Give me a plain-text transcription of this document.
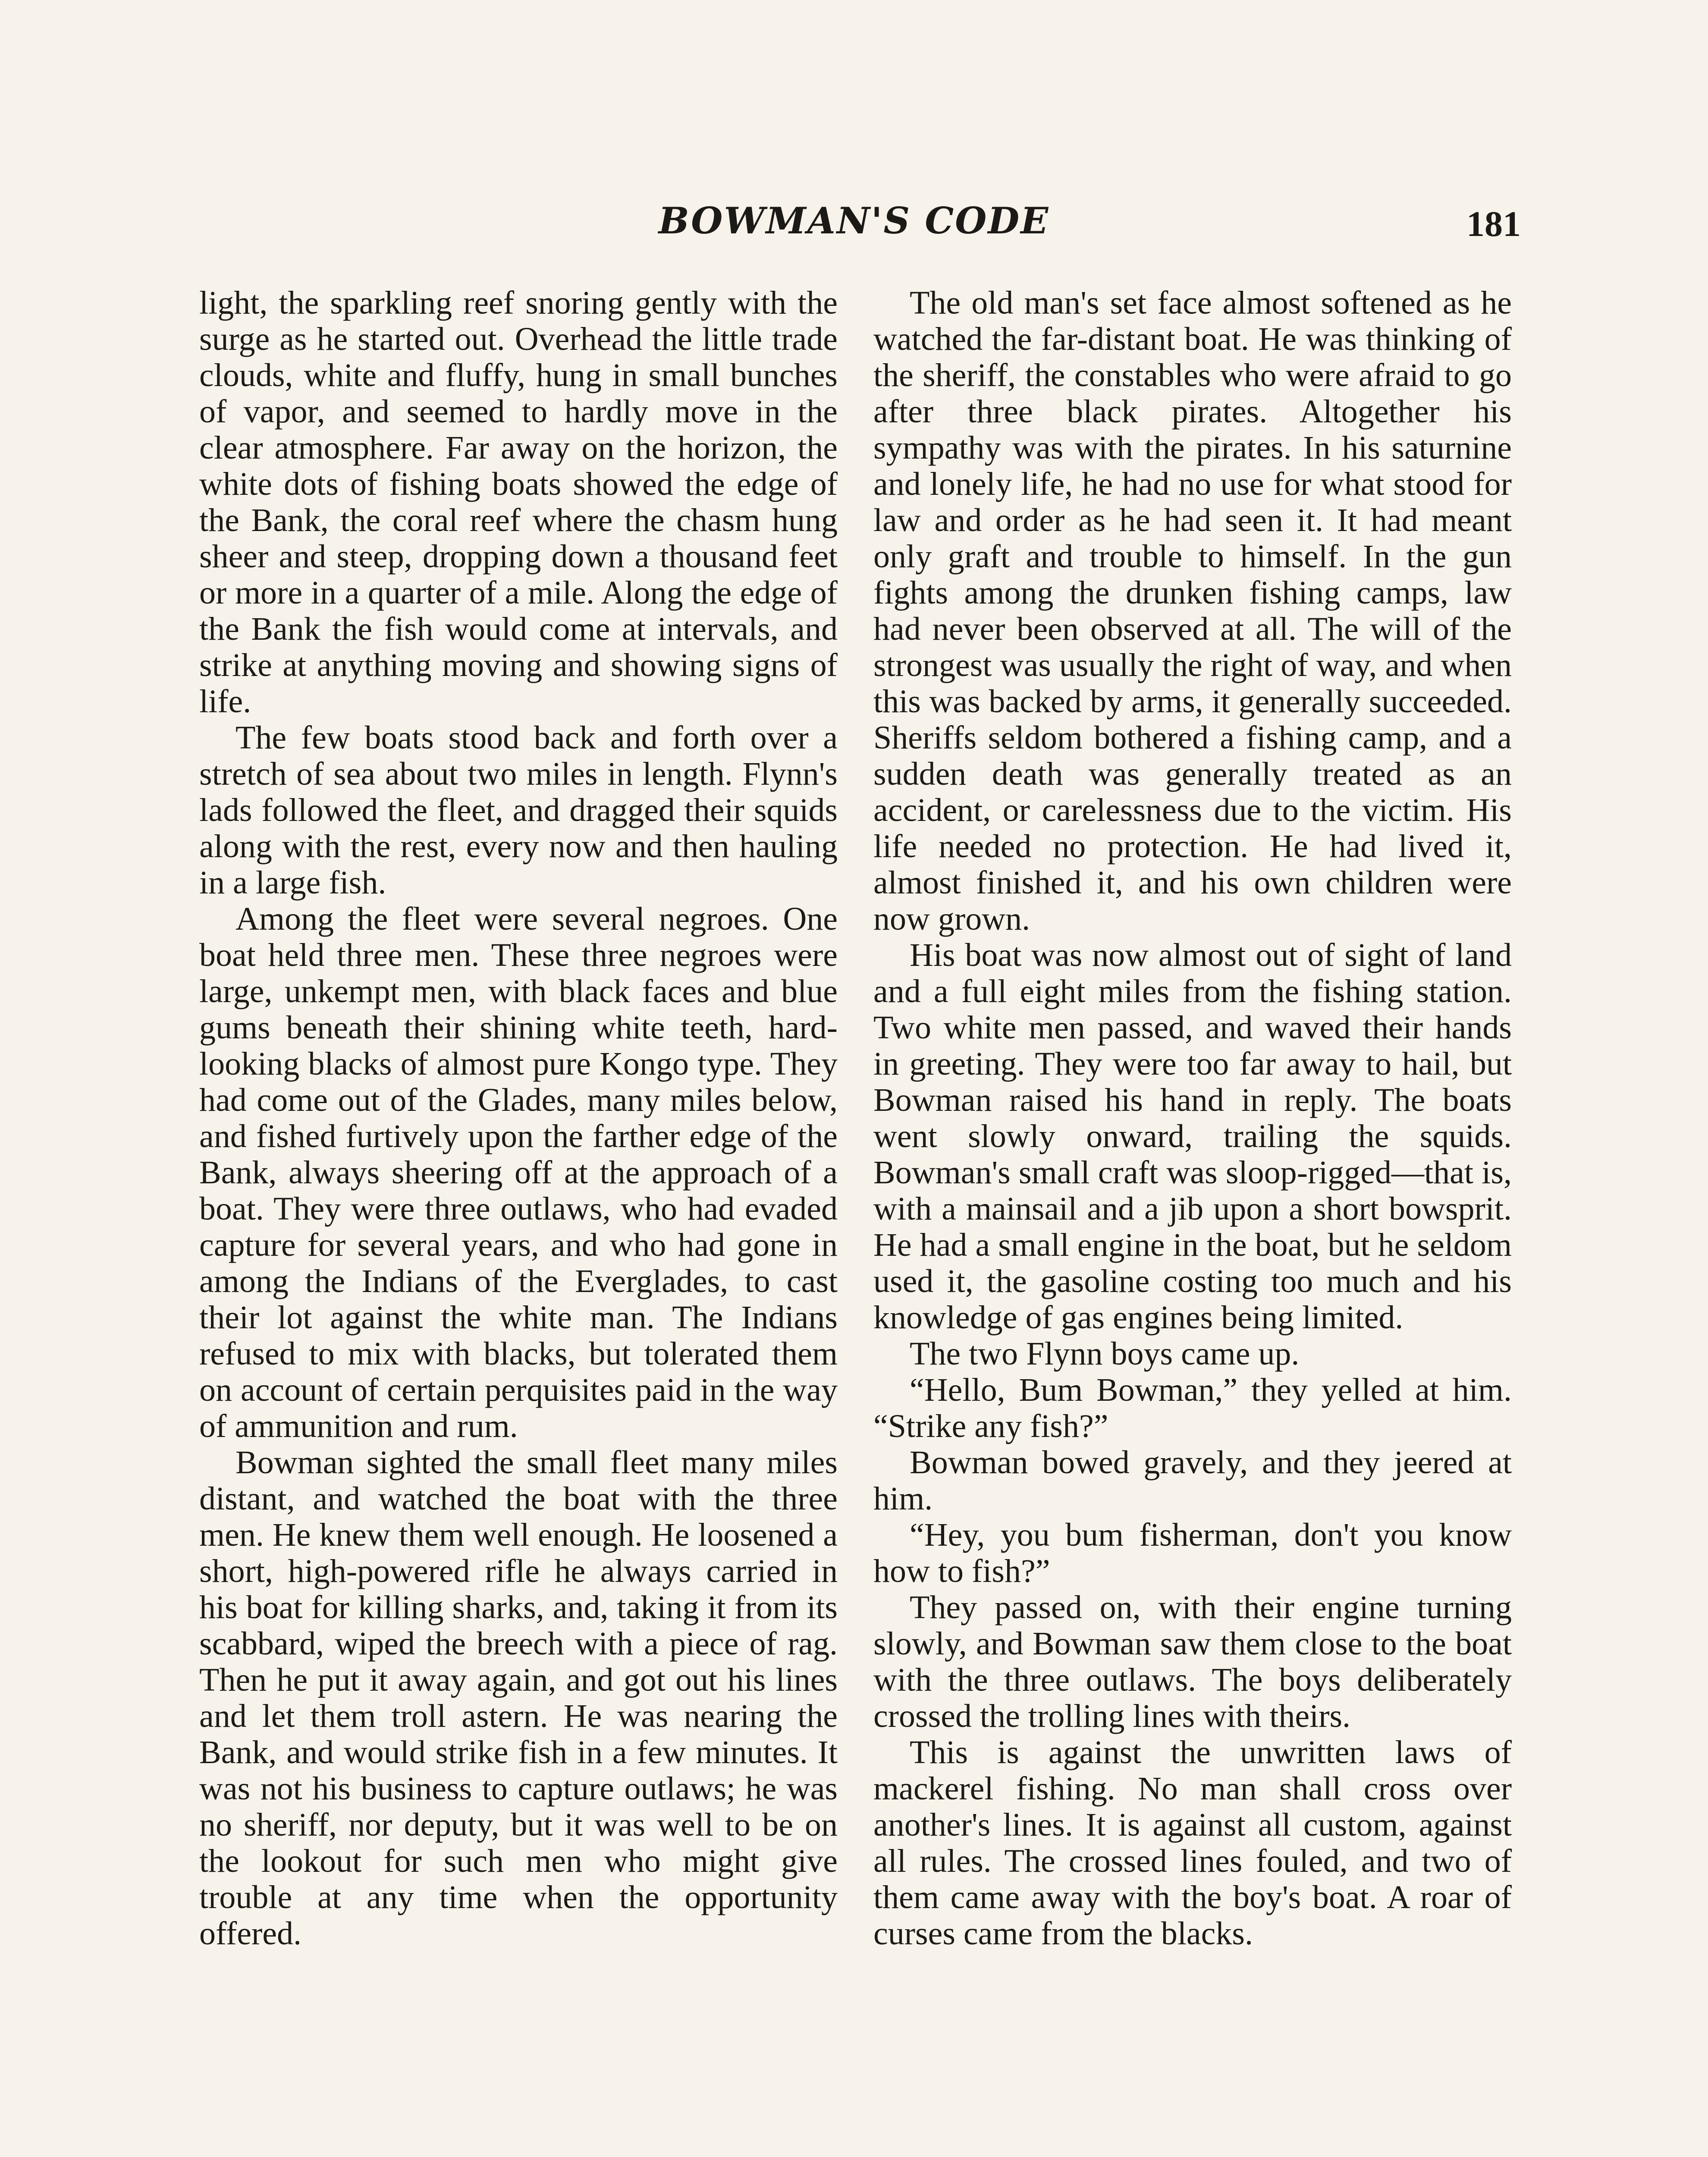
BOWMAN'S CODE	181

light, the sparkling reef snoring gently with the surge as he started out. Overhead the little trade clouds, white and fluffy, hung in small bunches of vapor, and seemed to hardly move in the clear atmosphere. Far away on the horizon, the white dots of fishing boats showed the edge of the Bank, the coral reef where the chasm hung sheer and steep, dropping down a thousand feet or more in a quarter of a mile. Along the edge of the Bank the fish would come at intervals, and strike at anything moving and showing signs of life.

The few boats stood back and forth over a stretch of sea about two miles in length. Flynn's lads followed the fleet, and dragged their squids along with the rest, every now and then hauling in a large fish.

Among the fleet were several negroes. One boat held three men. These three negroes were large, unkempt men, with black faces and blue gums beneath their shining white teeth, hard-looking blacks of almost pure Kongo type. They had come out of the Glades, many miles below, and fished furtively upon the farther edge of the Bank, always sheering off at the approach of a boat. They were three outlaws, who had evaded capture for several years, and who had gone in among the Indians of the Everglades, to cast their lot against the white man. The Indians refused to mix with blacks, but tolerated them on account of certain perquisites paid in the way of ammunition and rum.

Bowman sighted the small fleet many miles distant, and watched the boat with the three men. He knew them well enough. He loosened a short, high-powered rifle he always carried in his boat for killing sharks, and, taking it from its scabbard, wiped the breech with a piece of rag. Then he put it away again, and got out his lines and let them troll astern. He was nearing the Bank, and would strike fish in a few minutes. It was not his business to capture outlaws; he was no sheriff, nor deputy, but it was well to be on the lookout for such men who might give trouble at any time when the opportunity offered.

The old man's set face almost softened as he watched the far-distant boat. He was thinking of the sheriff, the constables who were afraid to go after three black pirates. Altogether his sympathy was with the pirates. In his saturnine and lonely life, he had no use for what stood for law and order as he had seen it. It had meant only graft and trouble to himself. In the gun fights among the drunken fishing camps, law had never been observed at all. The will of the strongest was usually the right of way, and when this was backed by arms, it generally succeeded. Sheriffs seldom bothered a fishing camp, and a sudden death was generally treated as an accident, or carelessness due to the victim. His life needed no protection. He had lived it, almost finished it, and his own children were now grown.

His boat was now almost out of sight of land and a full eight miles from the fishing station. Two white men passed, and waved their hands in greeting. They were too far away to hail, but Bowman raised his hand in reply. The boats went slowly onward, trailing the squids. Bowman's small craft was sloop-rigged—that is, with a mainsail and a jib upon a short bowsprit. He had a small engine in the boat, but he seldom used it, the gasoline costing too much and his knowledge of gas engines being limited.

The two Flynn boys came up.

“Hello, Bum Bowman,” they yelled at him. “Strike any fish?”

Bowman bowed gravely, and they jeered at him.

“Hey, you bum fisherman, don't you know how to fish?”

They passed on, with their engine turning slowly, and Bowman saw them close to the boat with the three outlaws. The boys deliberately crossed the trolling lines with theirs.

This is against the unwritten laws of mackerel fishing. No man shall cross over another's lines. It is against all custom, against all rules. The crossed lines fouled, and two of them came away with the boy's boat. A roar of curses came from the blacks.
